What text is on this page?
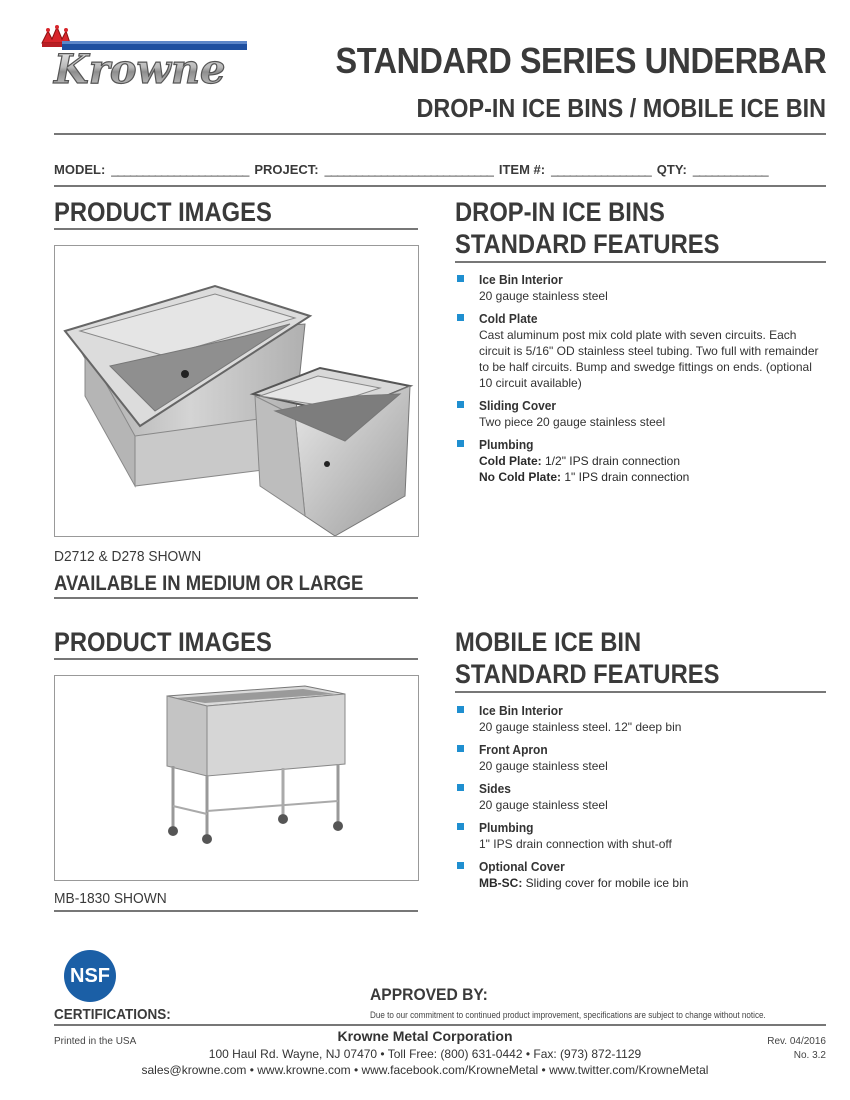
Krowne	STANDARD SERIES UNDERBAR
DROP-IN ICE BINS / MOBILE ICE BIN
MODEL: ______________________ PROJECT: ___________________________ ITEM #: ________________ QTY: ____________
PRODUCT IMAGES
D2712 & D278 SHOWN
AVAILABLE IN MEDIUM OR LARGE
DROP-IN ICE BINS
STANDARD FEATURES
Ice Bin Interior
20 gauge stainless steel
Cold Plate
Cast aluminum post mix cold plate with seven circuits. Each circuit is 5/16" OD stainless steel tubing. Two full with remainder to be half circuits. Bump and swedge fittings on ends. (optional 10 circuit available)
Sliding Cover
Two piece 20 gauge stainless steel
Plumbing
Cold Plate: 1/2" IPS drain connection
No Cold Plate: 1" IPS drain connection
PRODUCT IMAGES
MB-1830 SHOWN
MOBILE ICE BIN
STANDARD FEATURES
Ice Bin Interior
20 gauge stainless steel. 12" deep bin
Front Apron
20 gauge stainless steel
Sides
20 gauge stainless steel
Plumbing
1" IPS drain connection with shut-off
Optional Cover
MB-SC: Sliding cover for mobile ice bin
NSF
APPROVED BY:
CERTIFICATIONS:	Due to our commitment to continued product improvement, specifications are subject to change without notice.
Printed in the USA	Krowne Metal Corporation
100 Haul Rd. Wayne, NJ 07470 • Toll Free: (800) 631-0442 • Fax: (973) 872-1129
sales@krowne.com • www.krowne.com • www.facebook.com/KrowneMetal • www.twitter.com/KrowneMetal
Rev. 04/2016
No. 3.2
